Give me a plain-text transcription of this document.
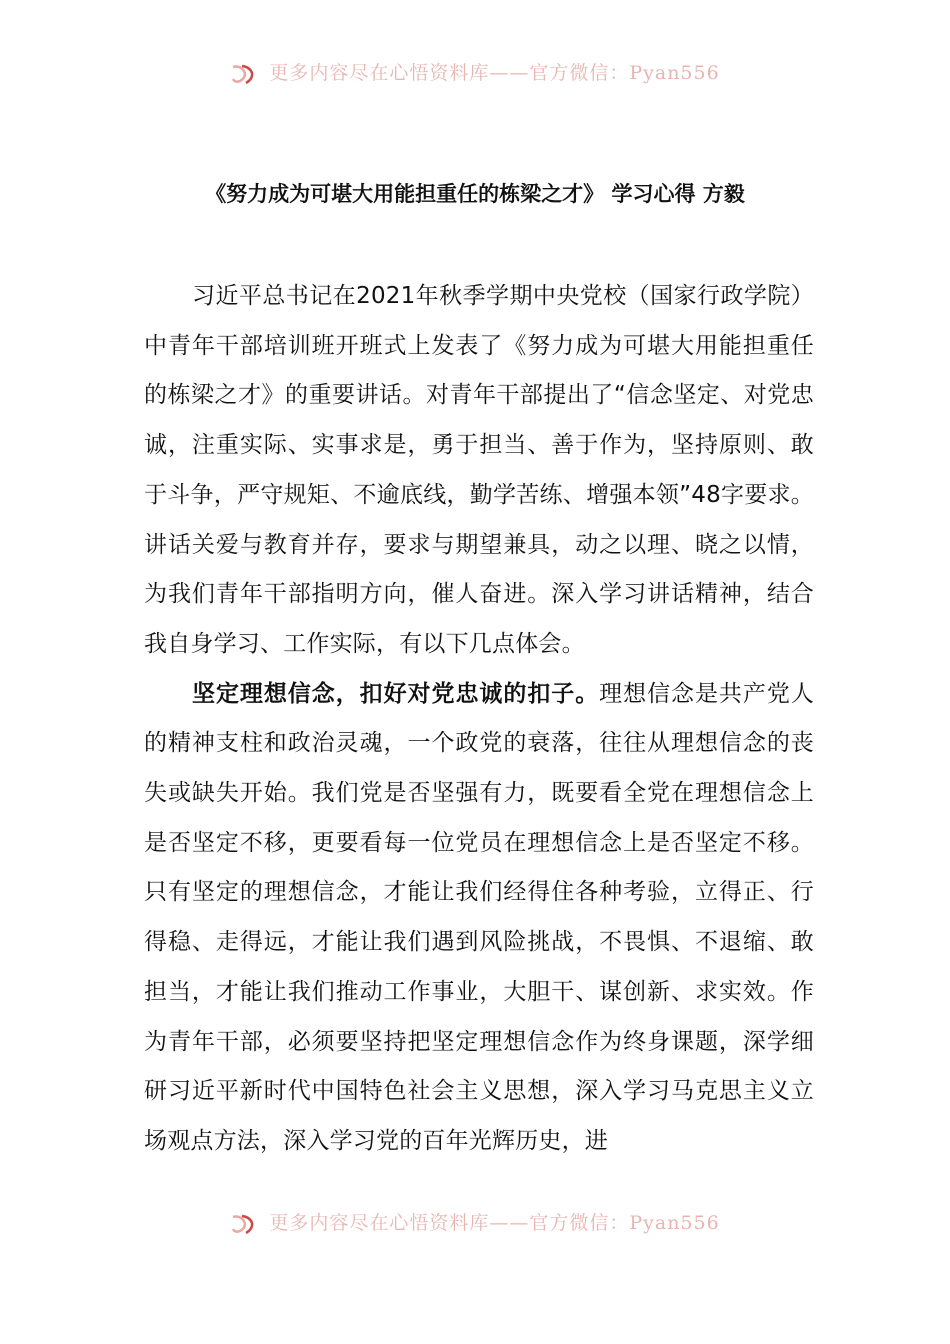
更多内容尽在心悟资料库——官方微信：Pyan556
《努力成为可堪大用能担重任的栋梁之才》 学习心得 方毅

习近平总书记在2021年秋季学期中央党校（国家行政学院）中青年干部培训班开班式上发表了《努力成为可堪大用能担重任的栋梁之才》的重要讲话。对青年干部提出了“信念坚定、对党忠诚，注重实际、实事求是，勇于担当、善于作为，坚持原则、敢于斗争，严守规矩、不逾底线，勤学苦练、增强本领”48字要求。讲话关爱与教育并存，要求与期望兼具，动之以理、晓之以情，为我们青年干部指明方向，催人奋进。深入学习讲话精神，结合我自身学习、工作实际，有以下几点体会。

坚定理想信念，扣好对党忠诚的扣子。理想信念是共产党人的精神支柱和政治灵魂，一个政党的衰落，往往从理想信念的丧失或缺失开始。我们党是否坚强有力，既要看全党在理想信念上是否坚定不移，更要看每一位党员在理想信念上是否坚定不移。只有坚定的理想信念，才能让我们经得住各种考验，立得正、行得稳、走得远，才能让我们遇到风险挑战，不畏惧、不退缩、敢担当，才能让我们推动工作事业，大胆干、谋创新、求实效。作为青年干部，必须要坚持把坚定理想信念作为终身课题，深学细研习近平新时代中国特色社会主义思想，深入学习马克思主义立场观点方法，深入学习党的百年光辉历史，进

更多内容尽在心悟资料库——官方微信：Pyan556
